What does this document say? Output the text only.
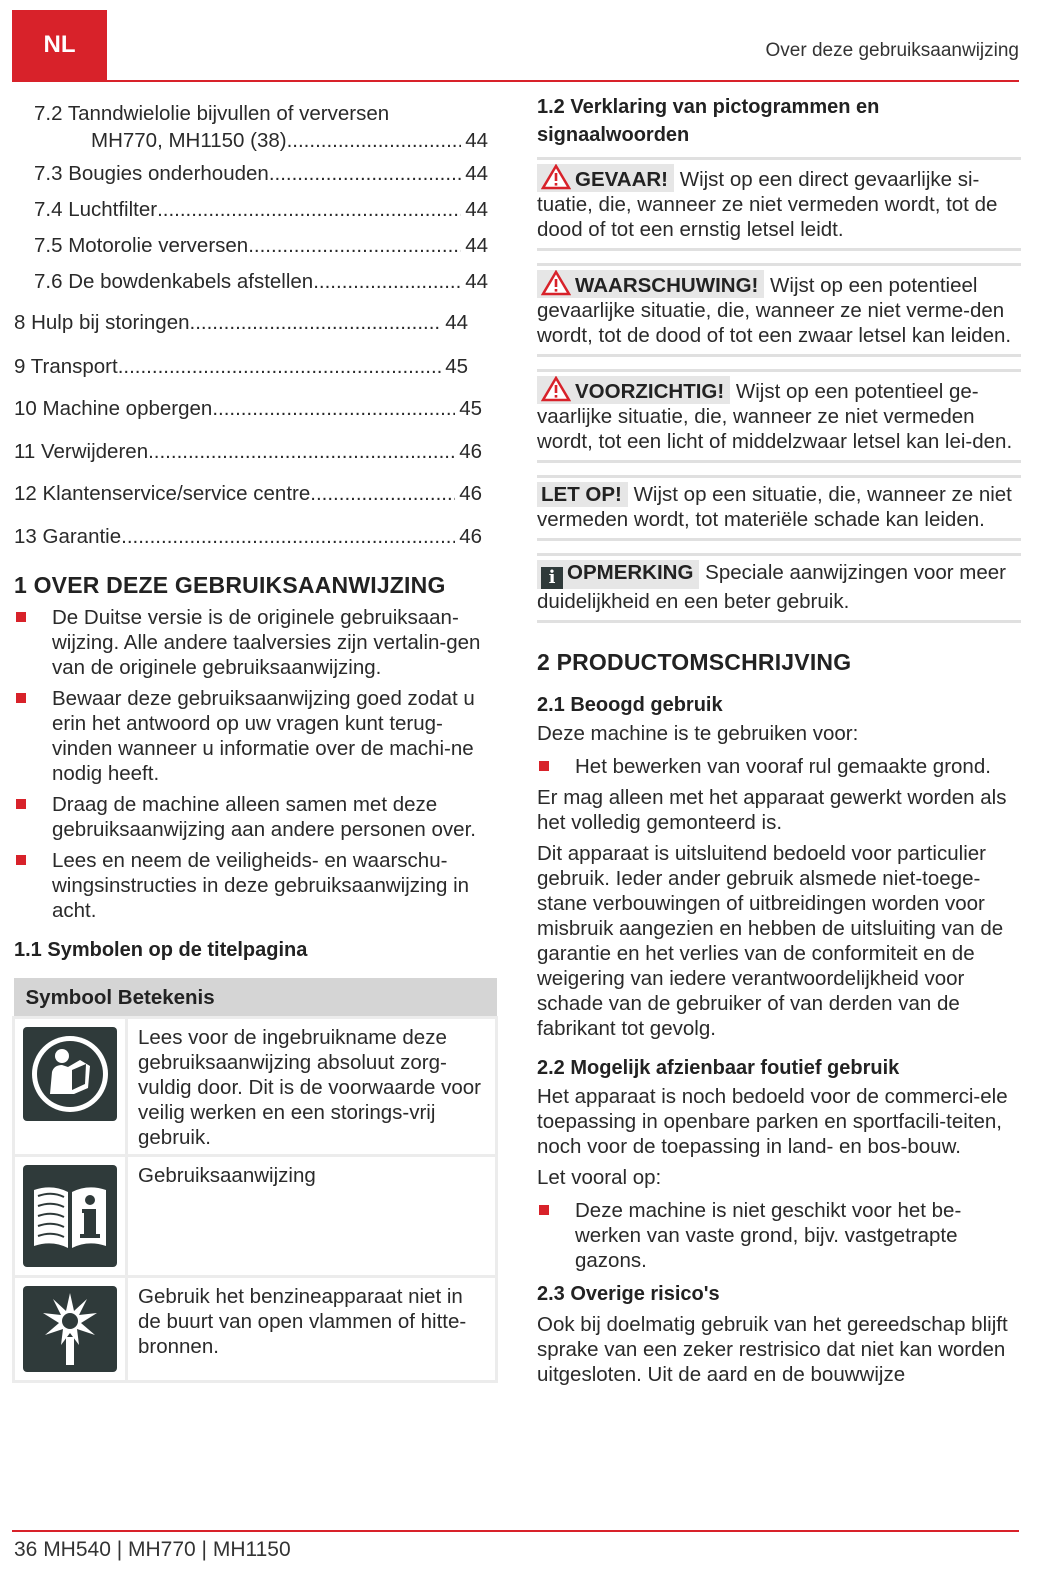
NL	Over deze gebruiksaanwijzing
7.2 Tanndwielolie bijvullen of verversen
MH770, MH1150 (38) .....	44
7.3 Bougies onderhouden .....	44
7.4 Luchtfilter .....	44
7.5 Motorolie verversen .....	44
7.6 De bowdenkabels afstellen .....	44
8 Hulp bij storingen .....	44
9 Transport .....	45
10 Machine opbergen .....	45
11 Verwijderen .....	46
12 Klantenservice/service centre .....	46
13 Garantie .....	46
1 OVER DEZE GEBRUIKSAANWIJZING
De Duitse versie is de originele gebruiksaan-wijzing. Alle andere taalversies zijn vertalin-gen van de originele gebruiksaanwijzing.
Bewaar deze gebruiksaanwijzing goed zodat u erin het antwoord op uw vragen kunt terug-vinden wanneer u informatie over de machi-ne nodig heeft.
Draag de machine alleen samen met deze gebruiksaanwijzing aan andere personen over.
Lees en neem de veiligheids- en waarschu-wingsinstructies in deze gebruiksaanwijzing in acht.
1.1 Symbolen op de titelpagina
Symbool Betekenis	

	Lees voor de ingebruikname deze gebruiksaanwijzing absoluut zorg-vuldig door. Dit is de voorwaarde voor veilig werken en een storings-vrij gebruik.

	Gebruiksaanwijzing

	Gebruik het benzineapparaat niet in de buurt van open vlammen of hitte-bronnen.
1.2 Verklaring van pictogrammen en signaalwoorden
GEVAAR! Wijst op een direct gevaarlijke si-tuatie, die, wanneer ze niet vermeden wordt, tot de dood of tot een ernstig letsel leidt.
WAARSCHUWING! Wijst op een potentieel gevaarlijke situatie, die, wanneer ze niet verme-den wordt, tot de dood of tot een zwaar letsel kan leiden.
VOORZICHTIG! Wijst op een potentieel ge-vaarlijke situatie, die, wanneer ze niet vermeden wordt, tot een licht of middelzwaar letsel kan lei-den.
LET OP! Wijst op een situatie, die, wanneer ze niet vermeden wordt, tot materiële schade kan leiden.
i OPMERKING Speciale aanwijzingen voor meer duidelijkheid en een beter gebruik.
2 PRODUCTOMSCHRIJVING
2.1 Beoogd gebruik

Deze machine is te gebruiken voor:

Het bewerken van vooraf rul gemaakte grond.

Er mag alleen met het apparaat gewerkt worden als het volledig gemonteerd is.

Dit apparaat is uitsluitend bedoeld voor particulier gebruik. Ieder ander gebruik alsmede niet-toege-stane verbouwingen of uitbreidingen worden voor misbruik aangezien en hebben de uitsluiting van de garantie en het verlies van de conformiteit en de weigering van iedere verantwoordelijkheid voor schade van de gebruiker of van derden van de fabrikant tot gevolg.

2.2 Mogelijk afzienbaar foutief gebruik

Het apparaat is noch bedoeld voor de commerci-ele toepassing in openbare parken en sportfacili-teiten, noch voor de toepassing in land- en bos-bouw.

Let vooral op:

Deze machine is niet geschikt voor het be-werken van vaste grond, bijv. vastgetrapte gazons.
2.3 Overige risico's

Ook bij doelmatig gebruik van het gereedschap blijft sprake van een zeker restrisico dat niet kan worden uitgesloten. Uit de aard en de bouwwijze

36 MH540 | MH770 | MH1150
